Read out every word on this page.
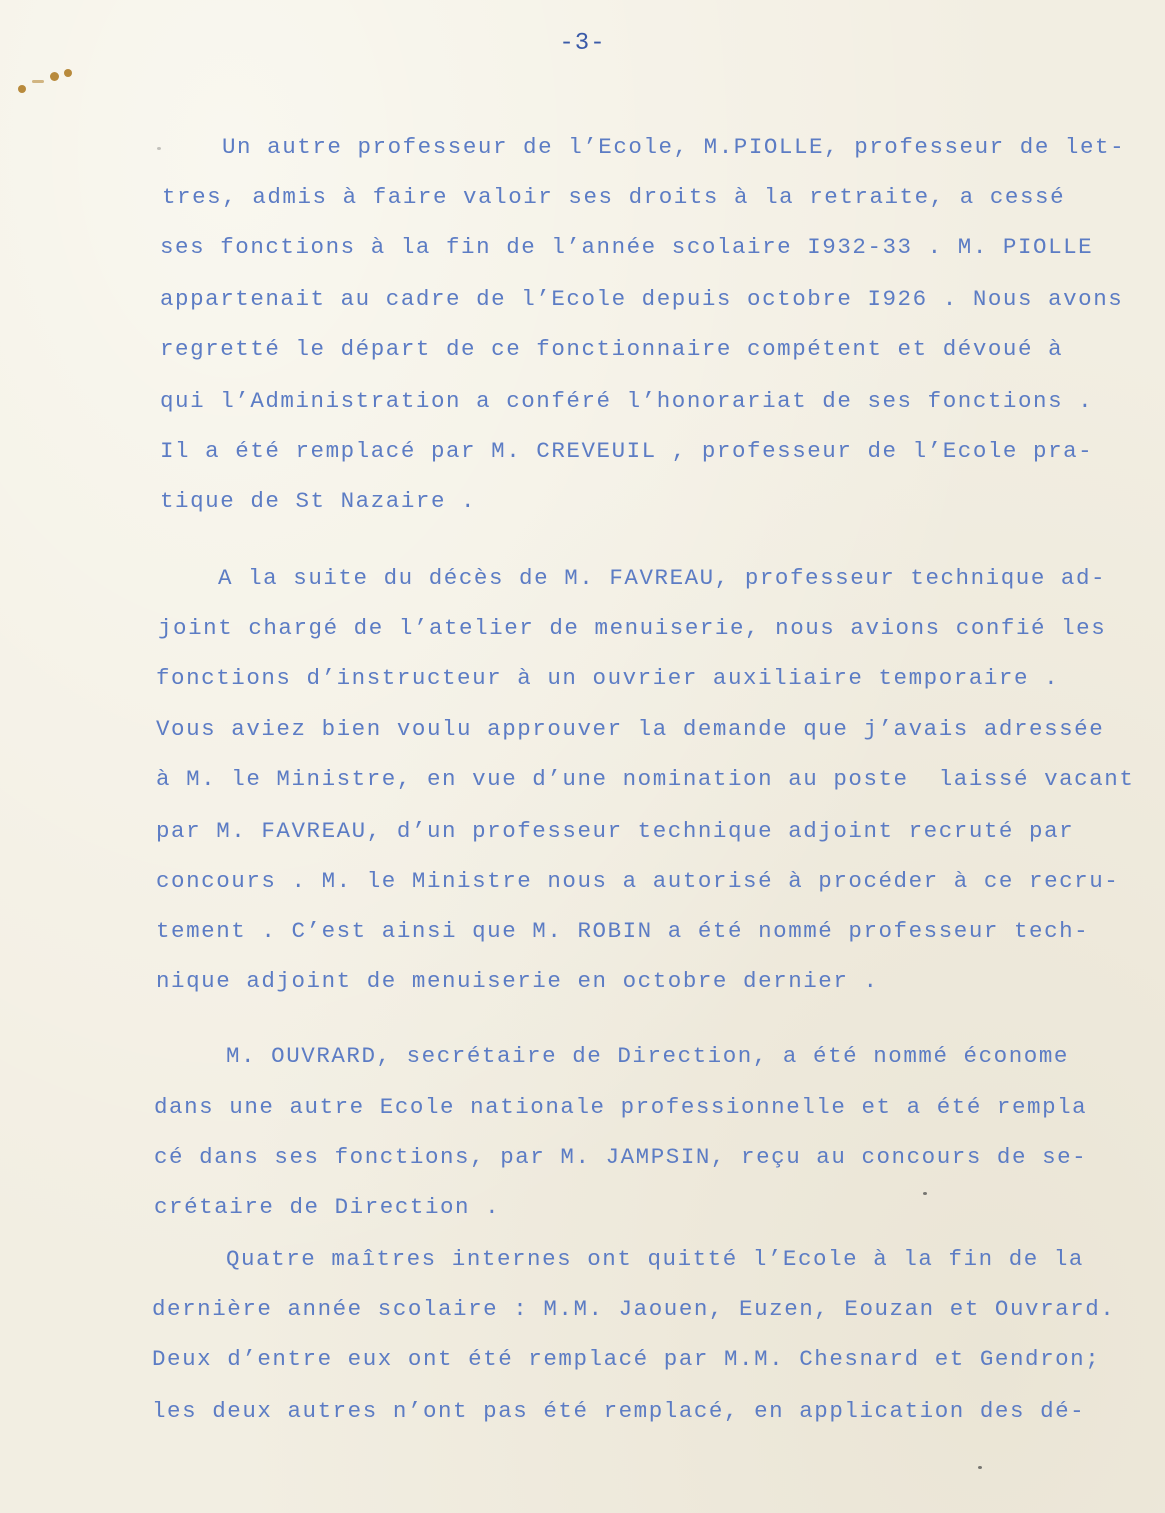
-3-
Un autre professeur de l’Ecole, M.PIOLLE, professeur de let-
tres, admis à faire valoir ses droits à la retraite, a cessé
ses fonctions à la fin de l’année scolaire I932-33 . M. PIOLLE
appartenait au cadre de l’Ecole depuis octobre I926 . Nous avons
regretté le départ de ce fonctionnaire compétent et dévoué à
qui l’Administration a conféré l’honorariat de ses fonctions .
Il a été remplacé par M. CREVEUIL , professeur de l’Ecole pra-
tique de St Nazaire .
A la suite du décès de M. FAVREAU, professeur technique ad-
joint chargé de l’atelier de menuiserie, nous avions confié les
fonctions d’instructeur à un ouvrier auxiliaire temporaire .
Vous aviez bien voulu approuver la demande que j’avais adressée
à M. le Ministre, en vue d’une nomination au poste  laissé vacant
par M. FAVREAU, d’un professeur technique adjoint recruté par
concours . M. le Ministre nous a autorisé à procéder à ce recru-
tement . C’est ainsi que M. ROBIN a été nommé professeur tech-
nique adjoint de menuiserie en octobre dernier .
M. OUVRARD, secrétaire de Direction, a été nommé économe
dans une autre Ecole nationale professionnelle et a été rempla
cé dans ses fonctions, par M. JAMPSIN, reçu au concours de se-
crétaire de Direction .
Quatre maîtres internes ont quitté l’Ecole à la fin de la
dernière année scolaire : M.M. Jaouen, Euzen, Eouzan et Ouvrard.
Deux d’entre eux ont été remplacé par M.M. Chesnard et Gendron;
les deux autres n’ont pas été remplacé, en application des dé-
